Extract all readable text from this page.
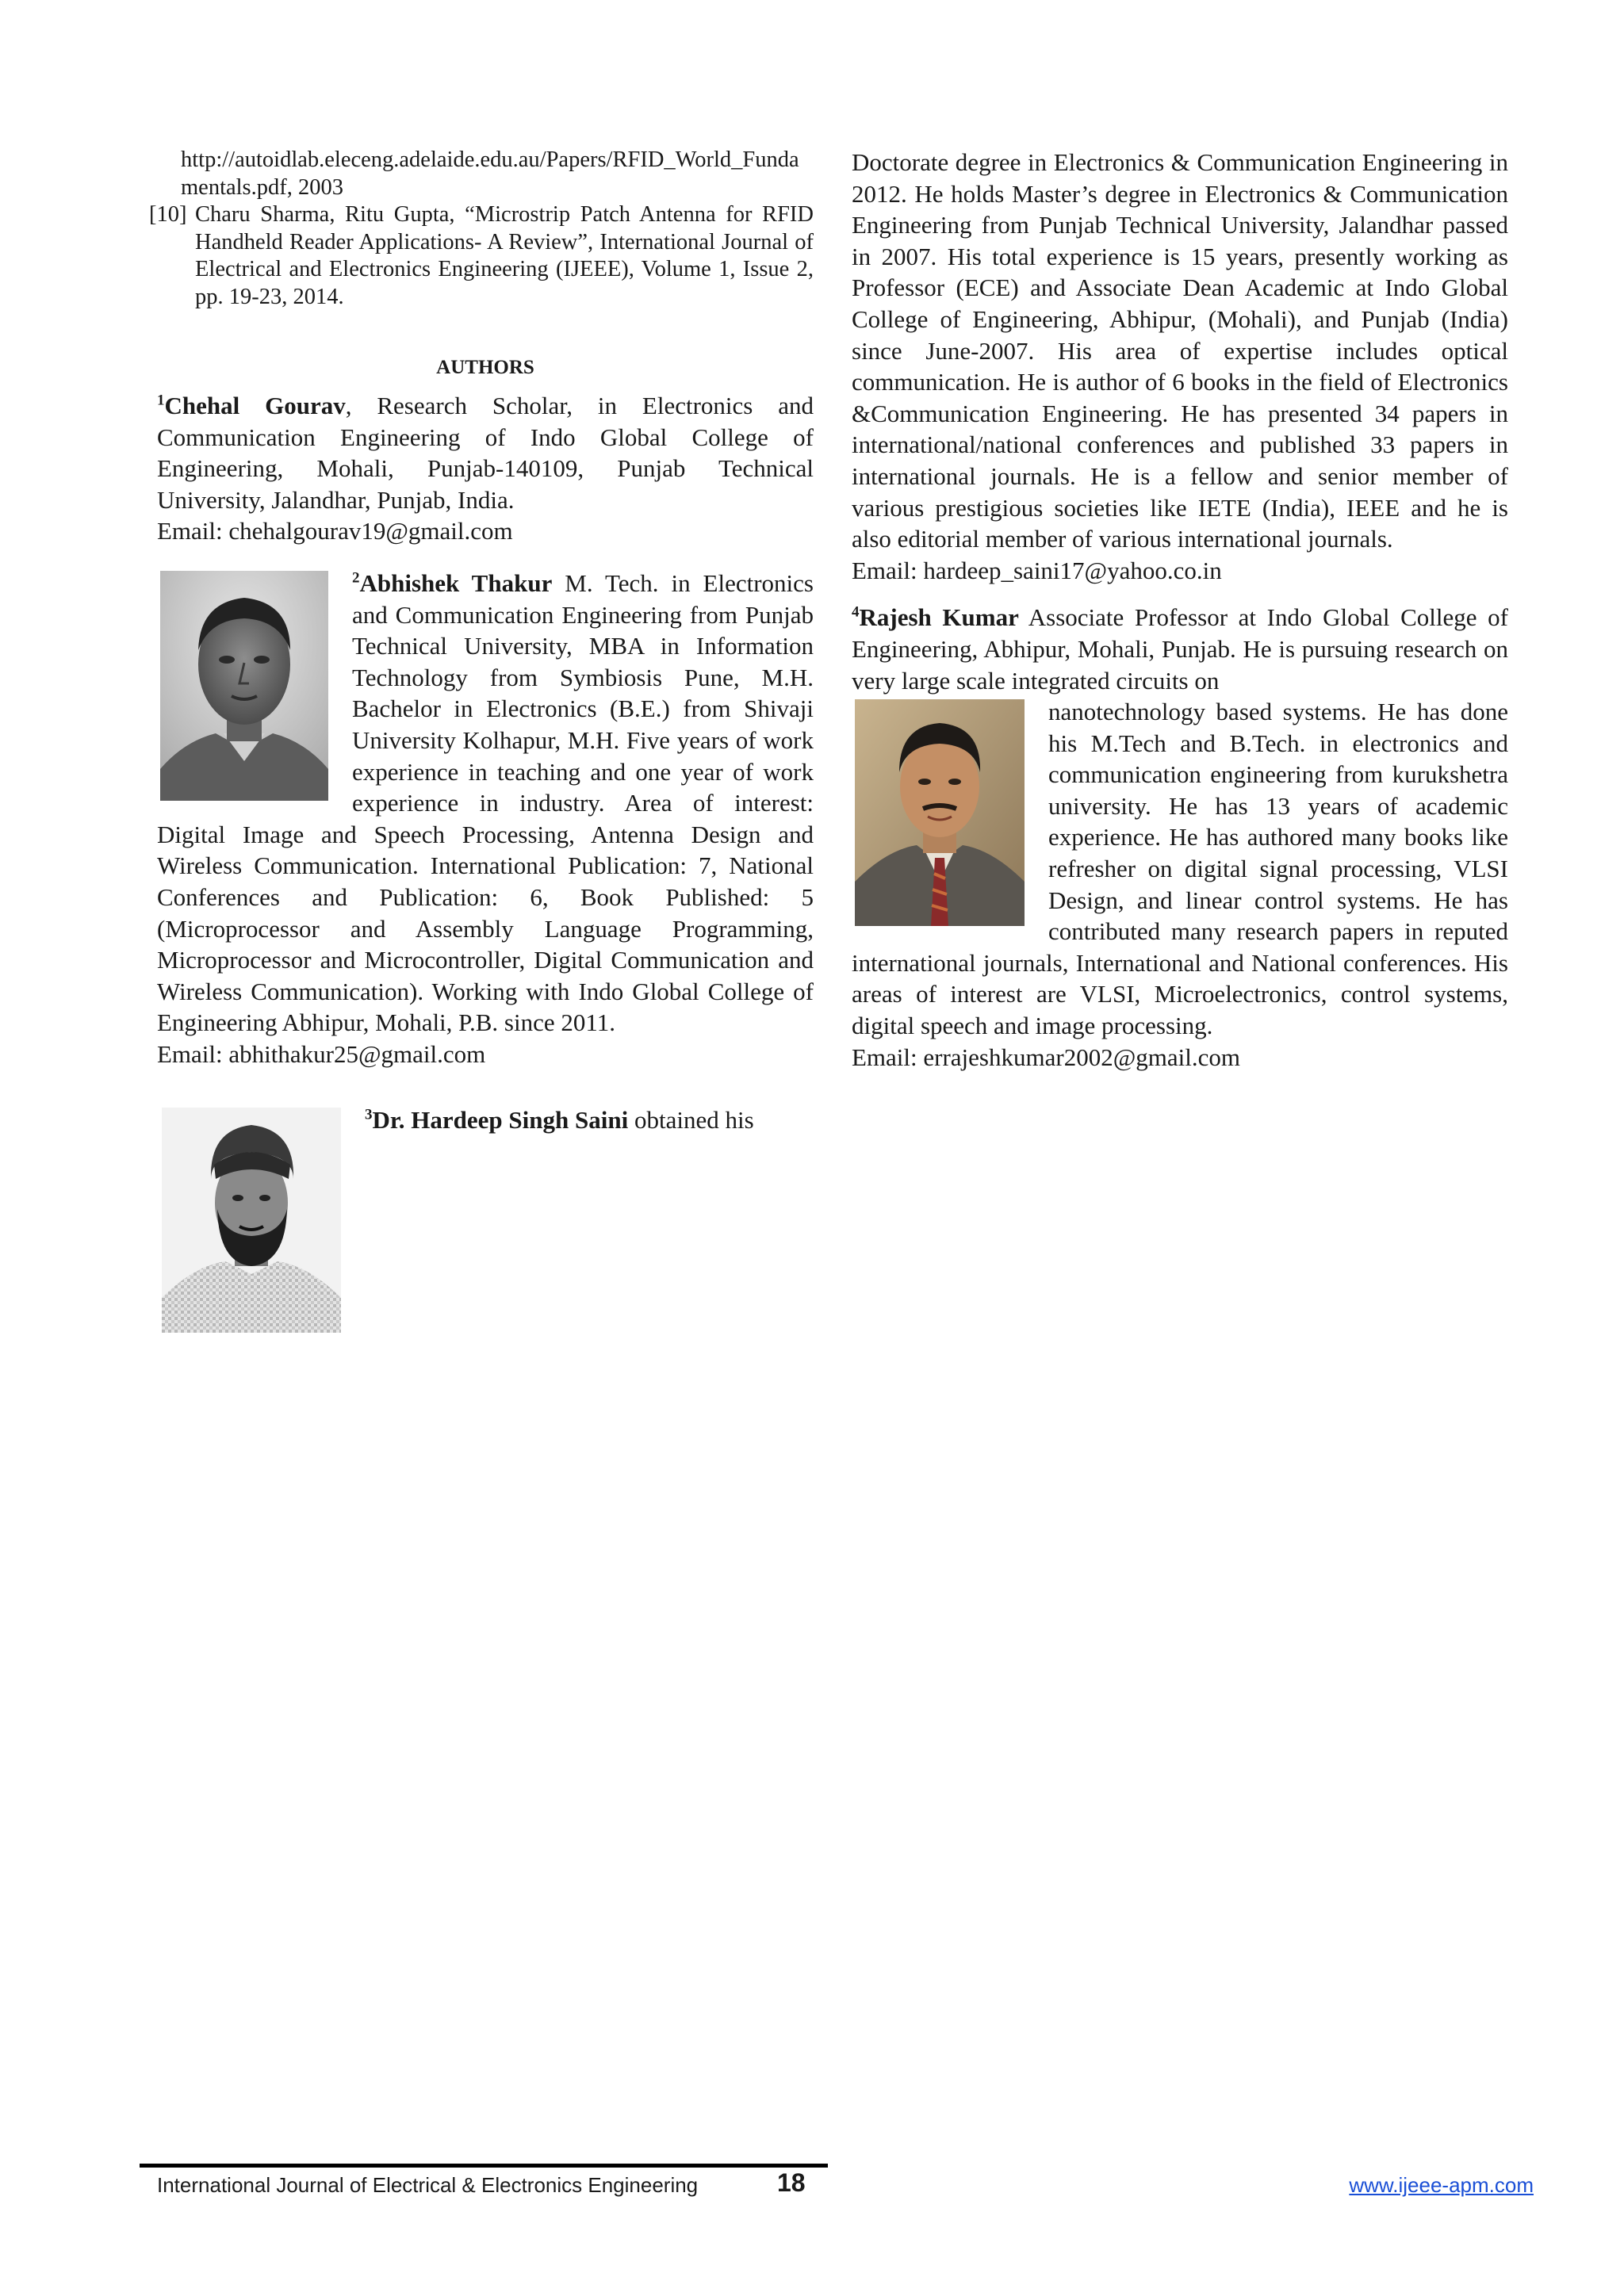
http://autoidlab.eleceng.adelaide.edu.au/Papers/RFID_World_Fundamentals.pdf, 2003

[10] Charu Sharma, Ritu Gupta, “Microstrip Patch Antenna for RFID Handheld Reader Applications- A Review”, International Journal of Electrical and Electronics Engineering (IJEEE), Volume 1, Issue 2, pp. 19-23, 2014.
AUTHORS

$^1$Chehal Gourav, Research Scholar, in Electronics and Communication Engineering of Indo Global College of Engineering, Mohali, Punjab-140109, Punjab Technical University, Jalandhar, Punjab, India.

Email: chehalgourav19@gmail.com

$^2$Abhishek Thakur M. Tech. in Electronics and Communication Engineering from Punjab Technical University, MBA in Information Technology from Symbiosis Pune, M.H. Bachelor in Electronics (B.E.) from Shivaji University Kolhapur, M.H. Five years of work experience in teaching and one year of work experience in industry. Area of interest: Digital Image and Speech Processing, Antenna Design and Wireless Communication. International Publication: 7, National Conferences and Publication: 6, Book Published: 5 (Microprocessor and Assembly Language Programming, Microprocessor and Microcontroller, Digital Communication and Wireless Communication). Working with Indo Global College of Engineering Abhipur, Mohali, P.B. since 2011.

Email: abhithakur25@gmail.com

$^3$Dr. Hardeep Singh Saini obtained his

Doctorate degree in Electronics & Communication Engineering in 2012. He holds Master’s degree in Electronics & Communication Engineering from Punjab Technical University, Jalandhar passed in 2007. His total experience is 15 years, presently working as Professor (ECE) and Associate Dean Academic at Indo Global College of Engineering, Abhipur, (Mohali), and Punjab (India) since June-2007. His area of expertise includes optical communication. He is author of 6 books in the field of Electronics &Communication Engineering. He has presented 34 papers in international/national conferences and published 33 papers in international journals. He is a fellow and senior member of various prestigious societies like IETE (India), IEEE and he is also editorial member of various international journals.

Email: hardeep_saini17@yahoo.co.in

$^4$Rajesh Kumar Associate Professor at Indo Global College of Engineering, Abhipur, Mohali, Punjab. He is pursuing research on very large scale integrated circuits on

nanotechnology based systems. He has done his M.Tech and B.Tech. in electronics and communication engineering from kurukshetra university. He has 13 years of academic experience. He has authored many books like refresher on digital signal processing, VLSI Design, and linear control systems. He has contributed many research papers in reputed international journals, International and National conferences. His areas of interest are VLSI, Microelectronics, control systems, digital speech and image processing.

Email: errajeshkumar2002@gmail.com

International Journal of Electrical & Electronics Engineering	18	www.ijeee-apm.com
